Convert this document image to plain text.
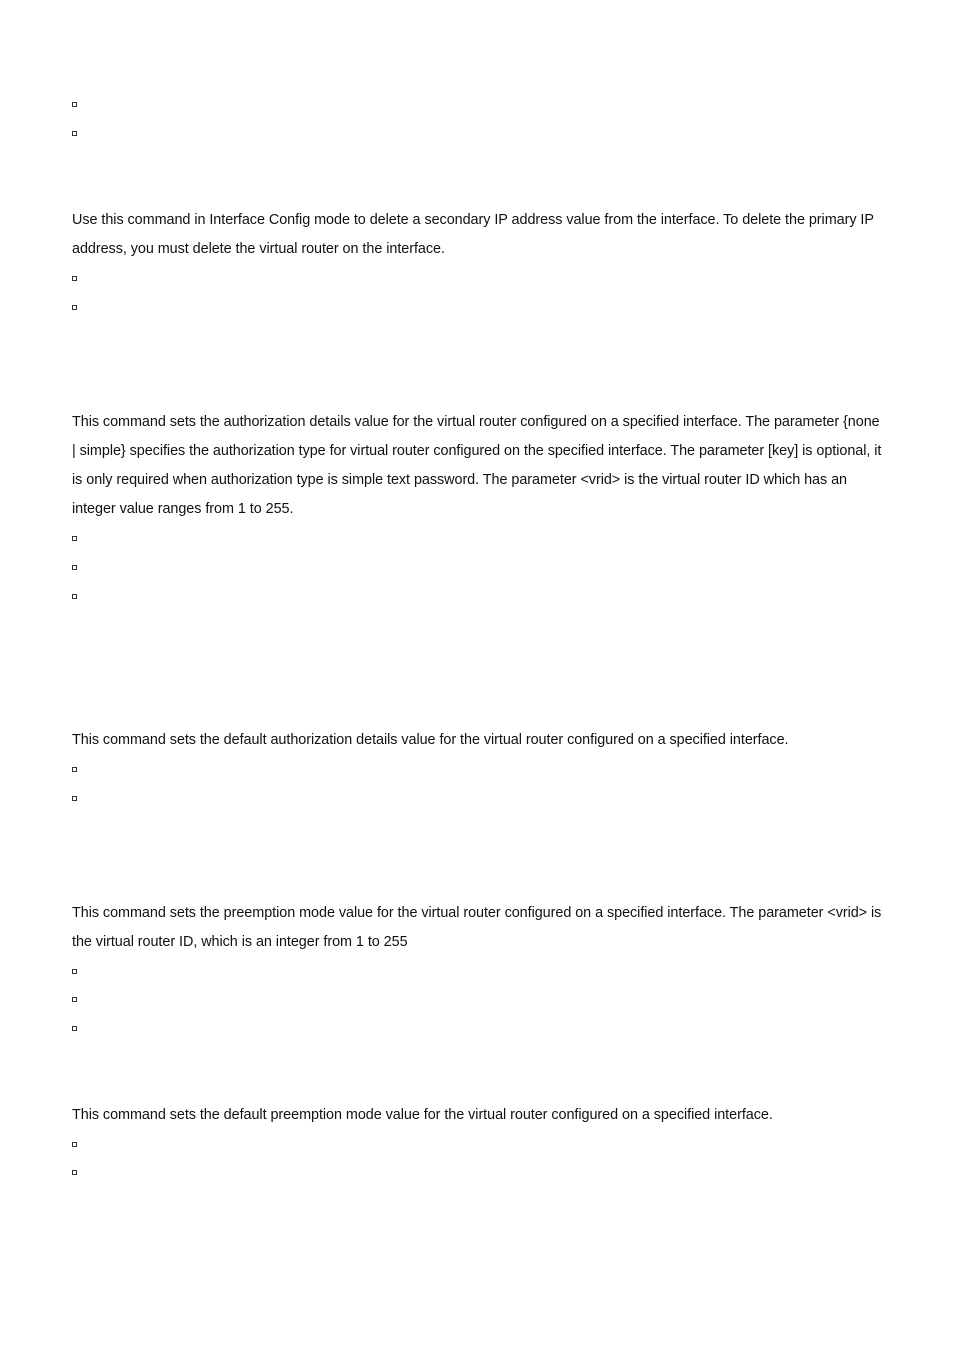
Use this command in Interface Config mode to delete a secondary IP address value from the interface. To delete the primary IP address, you must delete the virtual router on the interface.

This command sets the authorization details value for the virtual router configured on a specified interface. The parameter {none | simple} specifies the authorization type for virtual router configured on the specified interface. The parameter [key] is optional, it is only required when authorization type is simple text password. The parameter <vrid> is the virtual router ID which has an integer value ranges from 1 to 255.

This command sets the default authorization details value for the virtual router configured on a specified interface.

This command sets the preemption mode value for the virtual router configured on a specified interface. The parameter <vrid> is the virtual router ID, which is an integer from 1 to 255

This command sets the default preemption mode value for the virtual router configured on a specified interface.
